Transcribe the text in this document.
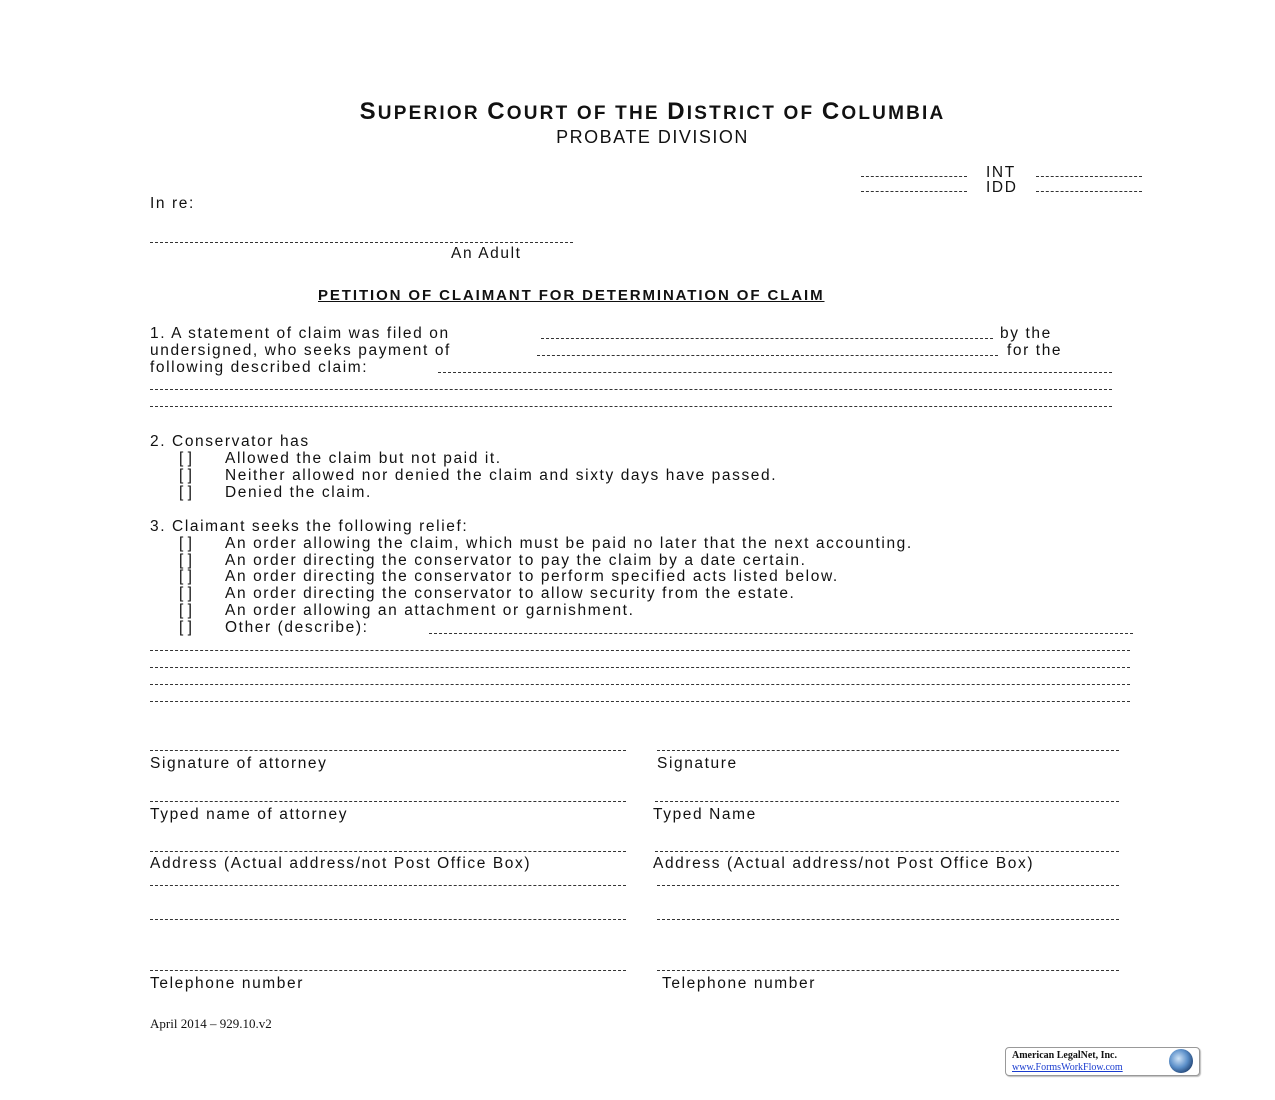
SUPERIOR COURT OF THE DISTRICT OF COLUMBIA
PROBATE DIVISION
INT
IDD
In re:
An Adult
PETITION OF CLAIMANT FOR DETERMINATION OF CLAIM
1. A statement of claim was filed on	by the
undersigned, who seeks payment of	for the
following described claim:
2. Conservator has
[ ] Allowed the claim but not paid it.
[ ] Neither allowed nor denied the claim and sixty days have passed.
[ ] Denied the claim.
3. Claimant seeks the following relief:
[ ] An order allowing the claim, which must be paid no later that the next accounting.
[ ] An order directing the conservator to pay the claim by a date certain.
[ ] An order directing the conservator to perform specified acts listed below.
[ ] An order directing the conservator to allow security from the estate.
[ ] An order allowing an attachment or garnishment.
[ ] Other (describe):
Signature of attorney
Typed name of attorney
Address (Actual address/not Post Office Box)
Telephone number
Signature
Typed Name
Address (Actual address/not Post Office Box)
Telephone number
April 2014 – 929.10.v2
American LegalNet, Inc.
www.FormsWorkFlow.com
